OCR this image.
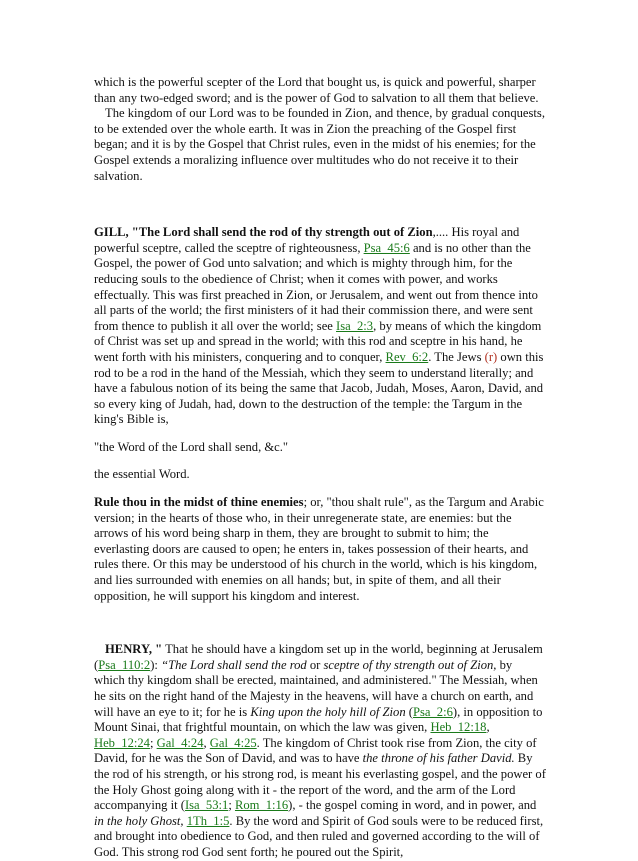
which is the powerful scepter of the Lord that bought us, is quick and powerful, sharper than any two-edged sword; and is the power of God to salvation to all them that believe.

The kingdom of our Lord was to be founded in Zion, and thence, by gradual conquests, to be extended over the whole earth. It was in Zion the preaching of the Gospel first began; and it is by the Gospel that Christ rules, even in the midst of his enemies; for the Gospel extends a moralizing influence over multitudes who do not receive it to their salvation.

GILL, "The Lord shall send the rod of thy strength out of Zion,.... His royal and powerful sceptre, called the sceptre of righteousness, Psa_45:6 and is no other than the Gospel, the power of God unto salvation; and which is mighty through him, for the reducing souls to the obedience of Christ; when it comes with power, and works effectually. This was first preached in Zion, or Jerusalem, and went out from thence into all parts of the world; the first ministers of it had their commission there, and were sent from thence to publish it all over the world; see Isa_2:3, by means of which the kingdom of Christ was set up and spread in the world; with this rod and sceptre in his hand, he went forth with his ministers, conquering and to conquer, Rev_6:2. The Jews (r) own this rod to be a rod in the hand of the Messiah, which they seem to understand literally; and have a fabulous notion of its being the same that Jacob, Judah, Moses, Aaron, David, and so every king of Judah, had, down to the destruction of the temple: the Targum in the king's Bible is,

"the Word of the Lord shall send, &c."

the essential Word.

Rule thou in the midst of thine enemies; or, "thou shalt rule", as the Targum and Arabic version; in the hearts of those who, in their unregenerate state, are enemies: but the arrows of his word being sharp in them, they are brought to submit to him; the everlasting doors are caused to open; he enters in, takes possession of their hearts, and rules there. Or this may be understood of his church in the world, which is his kingdom, and lies surrounded with enemies on all hands; but, in spite of them, and all their opposition, he will support his kingdom and interest.

HENRY, " That he should have a kingdom set up in the world, beginning at Jerusalem (Psa_110:2): “The Lord shall send the rod or sceptre of thy strength out of Zion, by which thy kingdom shall be erected, maintained, and administered." The Messiah, when he sits on the right hand of the Majesty in the heavens, will have a church on earth, and will have an eye to it; for he is King upon the holy hill of Zion (Psa_2:6), in opposition to Mount Sinai, that frightful mountain, on which the law was given, Heb_12:18, Heb_12:24; Gal_4:24, Gal_4:25. The kingdom of Christ took rise from Zion, the city of David, for he was the Son of David, and was to have the throne of his father David. By the rod of his strength, or his strong rod, is meant his everlasting gospel, and the power of the Holy Ghost going along with it - the report of the word, and the arm of the Lord accompanying it (Isa_53:1; Rom_1:16), - the gospel coming in word, and in power, and in the holy Ghost, 1Th_1:5. By the word and Spirit of God souls were to be reduced first, and brought into obedience to God, and then ruled and governed according to the will of God. This strong rod God sent forth; he poured out the Spirit,
